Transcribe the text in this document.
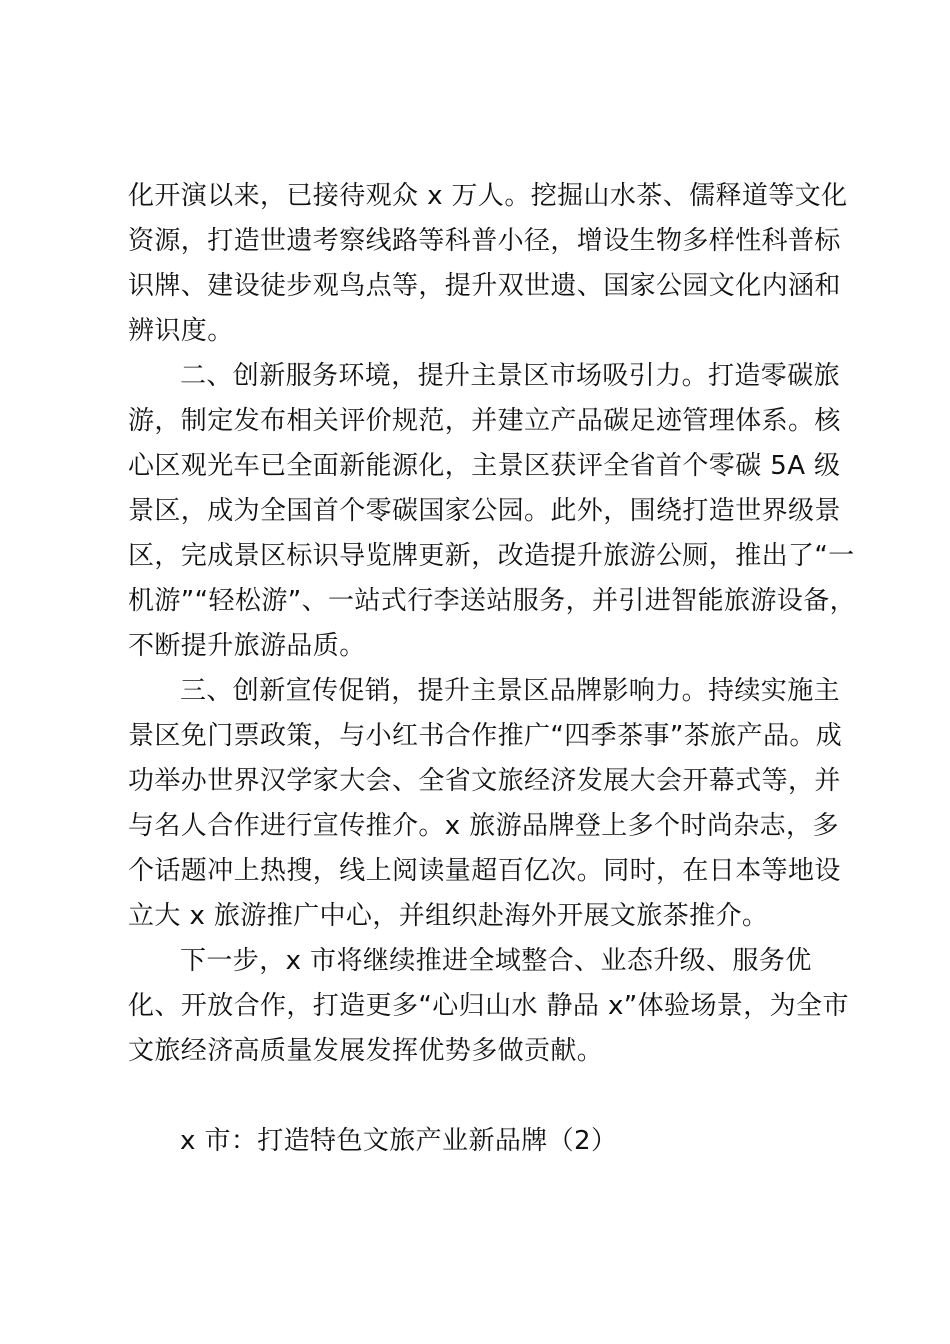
化开演以来，已接待观众 x 万人。挖掘山水茶、儒释道等文化
资源，打造世遗考察线路等科普小径，增设生物多样性科普标
识牌、建设徒步观鸟点等，提升双世遗、国家公园文化内涵和
辨识度。
二、创新服务环境，提升主景区市场吸引力。打造零碳旅
游，制定发布相关评价规范，并建立产品碳足迹管理体系。核
心区观光车已全面新能源化，主景区获评全省首个零碳 5A 级
景区，成为全国首个零碳国家公园。此外，围绕打造世界级景
区，完成景区标识导览牌更新，改造提升旅游公厕，推出了“一
机游”“轻松游”、一站式行李送站服务，并引进智能旅游设备，
不断提升旅游品质。
三、创新宣传促销，提升主景区品牌影响力。持续实施主
景区免门票政策，与小红书合作推广“四季茶事”茶旅产品。成
功举办世界汉学家大会、全省文旅经济发展大会开幕式等，并
与名人合作进行宣传推介。x 旅游品牌登上多个时尚杂志，多
个话题冲上热搜，线上阅读量超百亿次。同时，在日本等地设
立大 x 旅游推广中心，并组织赴海外开展文旅茶推介。
下一步，x 市将继续推进全域整合、业态升级、服务优
化、开放合作，打造更多“心归山水 静品 x”体验场景，为全市
文旅经济高质量发展发挥优势多做贡献。
x 市：打造特色文旅产业新品牌（2）
